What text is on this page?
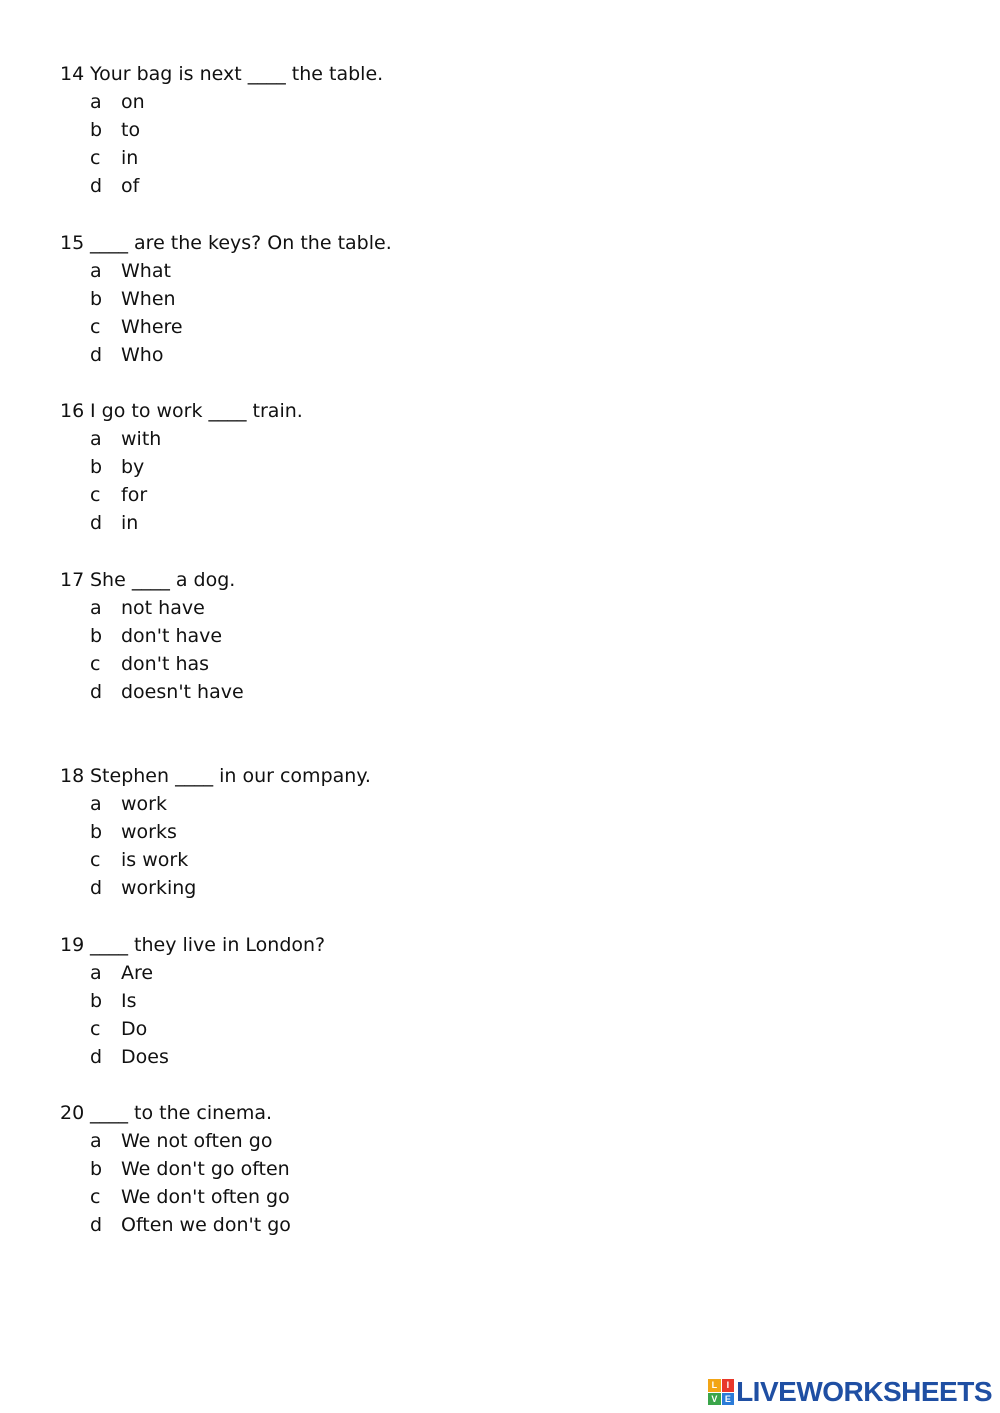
14 Your bag is next ____ the table.
a on
b to
c in
d of
15 ____ are the keys? On the table.
a What
b When
c Where
d Who
16 I go to work ____ train.
a with
b by
c for
d in
17 She ____ a dog.
a not have
b don't have
c don't has
d doesn't have
18 Stephen ____ in our company.
a work
b works
c is work
d working
19 ____ they live in London?
a Are
b Is
c Do
d Does
20 ____ to the cinema.
a We not often go
b We don't go often
c We don't often go
d Often we don't go
L	I
V E LIVEWORKSHEETS
